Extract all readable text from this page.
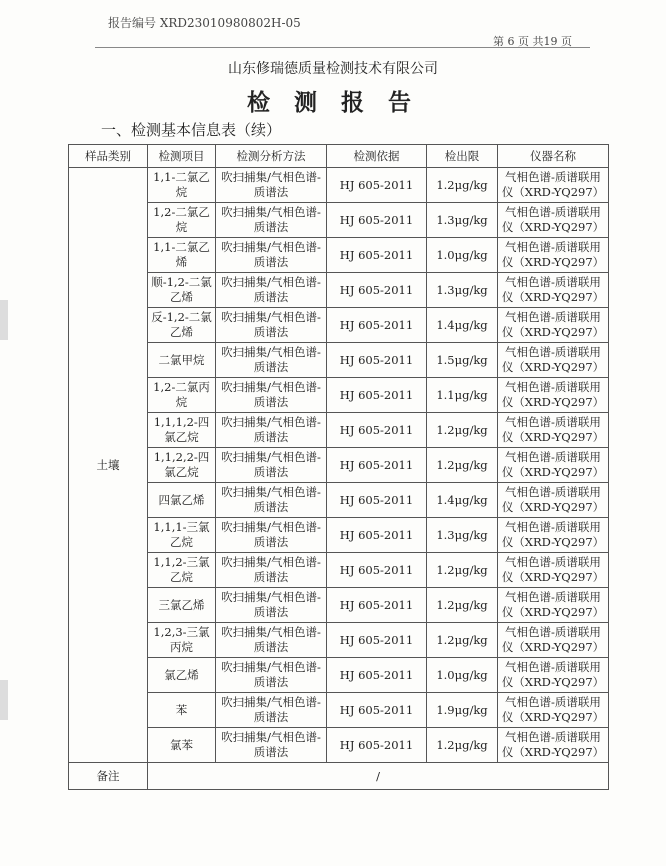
报告编号 XRD23010980802H-05
第 6 页 共19 页
山东修瑞德质量检测技术有限公司
检 测 报 告
一、检测基本信息表（续）
样品类别	检测项目	检测分析方法	检测依据	检出限	仪器名称
土壤	1,1-二氯乙烷	吹扫捕集/气相色谱-质谱法	HJ 605-2011	1.2μg/kg	气相色谱-质谱联用仪（XRD-YQ297）
	1,2-二氯乙烷	吹扫捕集/气相色谱-质谱法	HJ 605-2011	1.3μg/kg	气相色谱-质谱联用仪（XRD-YQ297）
	1,1-二氯乙烯	吹扫捕集/气相色谱-质谱法	HJ 605-2011	1.0μg/kg	气相色谱-质谱联用仪（XRD-YQ297）
	顺-1,2-二氯乙烯	吹扫捕集/气相色谱-质谱法	HJ 605-2011	1.3μg/kg	气相色谱-质谱联用仪（XRD-YQ297）
	反-1,2-二氯乙烯	吹扫捕集/气相色谱-质谱法	HJ 605-2011	1.4μg/kg	气相色谱-质谱联用仪（XRD-YQ297）
	二氯甲烷	吹扫捕集/气相色谱-质谱法	HJ 605-2011	1.5μg/kg	气相色谱-质谱联用仪（XRD-YQ297）
	1,2-二氯丙烷	吹扫捕集/气相色谱-质谱法	HJ 605-2011	1.1μg/kg	气相色谱-质谱联用仪（XRD-YQ297）
	1,1,1,2-四氯乙烷	吹扫捕集/气相色谱-质谱法	HJ 605-2011	1.2μg/kg	气相色谱-质谱联用仪（XRD-YQ297）
	1,1,2,2-四氯乙烷	吹扫捕集/气相色谱-质谱法	HJ 605-2011	1.2μg/kg	气相色谱-质谱联用仪（XRD-YQ297）
	四氯乙烯	吹扫捕集/气相色谱-质谱法	HJ 605-2011	1.4μg/kg	气相色谱-质谱联用仪（XRD-YQ297）
	1,1,1-三氯乙烷	吹扫捕集/气相色谱-质谱法	HJ 605-2011	1.3μg/kg	气相色谱-质谱联用仪（XRD-YQ297）
	1,1,2-三氯乙烷	吹扫捕集/气相色谱-质谱法	HJ 605-2011	1.2μg/kg	气相色谱-质谱联用仪（XRD-YQ297）
	三氯乙烯	吹扫捕集/气相色谱-质谱法	HJ 605-2011	1.2μg/kg	气相色谱-质谱联用仪（XRD-YQ297）
	1,2,3-三氯丙烷	吹扫捕集/气相色谱-质谱法	HJ 605-2011	1.2μg/kg	气相色谱-质谱联用仪（XRD-YQ297）
	氯乙烯	吹扫捕集/气相色谱-质谱法	HJ 605-2011	1.0μg/kg	气相色谱-质谱联用仪（XRD-YQ297）
	苯	吹扫捕集/气相色谱-质谱法	HJ 605-2011	1.9μg/kg	气相色谱-质谱联用仪（XRD-YQ297）
	氯苯	吹扫捕集/气相色谱-质谱法	HJ 605-2011	1.2μg/kg	气相色谱-质谱联用仪（XRD-YQ297）
备注	/				
